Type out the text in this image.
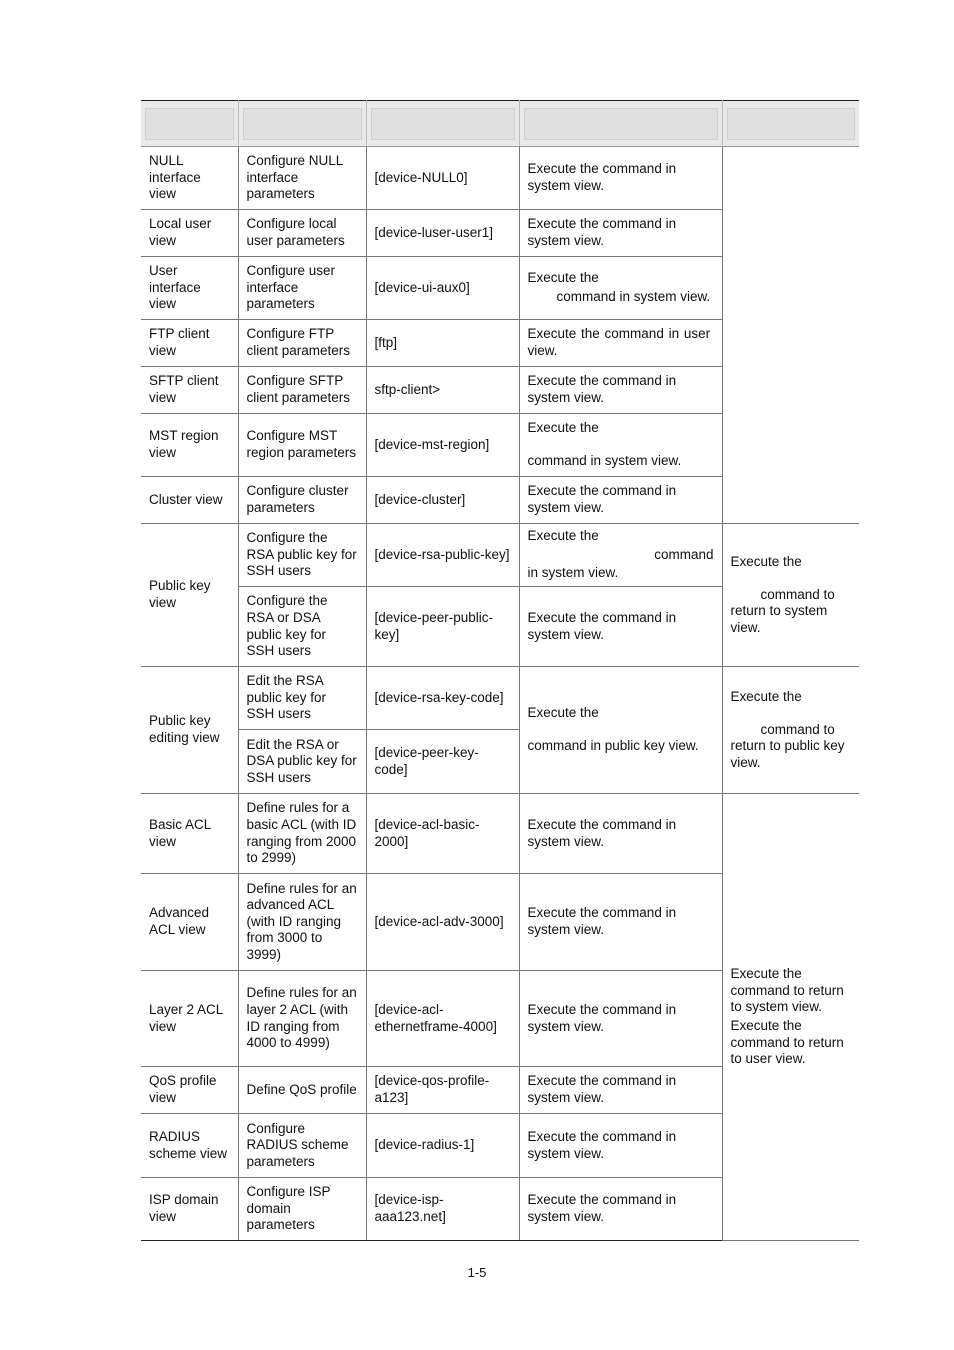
NULL interface view	Configure NULL interface parameters	[device-NULL0]	Execute the command in system view.	
Local user view	Configure local user parameters	[device-luser-user1]	Execute the command in system view.	
User interface view	Configure user interface parameters	[device-ui-aux0]	Execute the
command in system view.	

FTP client view	Configure FTP client parameters	[ftp]	Execute the command in user view.	
SFTP client view	Configure SFTP client parameters	sftp-client>	Execute the command in system view.	
MST region view	Configure MST region parameters	[device-mst-region]	Execute the
command in system view.	

Cluster view	Configure cluster parameters	[device-cluster]	Execute the command in system view.	
Public key view	Configure the RSA public key for SSH users	[device-rsa-public-key]	Execute the
command
in system view.	Execute the
command to return to system view.

	Configure the RSA or DSA public key for SSH users	[device-peer-public-key]	Execute the command in system view.	
Public key editing view	Edit the RSA public key for SSH users	[device-rsa-key-code]	Execute the
command in public key view.	Execute the
command to return to public key view.

	Edit the RSA or DSA public key for SSH users	[device-peer-key-code]		
Basic ACL view	Define rules for a basic ACL (with ID ranging from 2000 to 2999)	[device-acl-basic-2000]	Execute the command in system view.	Execute the command to return to system view.
Execute the command to return to user view.

Advanced ACL view	Define rules for an advanced ACL (with ID ranging from 3000 to 3999)	[device-acl-adv-3000]	Execute the command in system view.	
Layer 2 ACL view	Define rules for an layer 2 ACL (with ID ranging from 4000 to 4999)	[device-acl-ethernetframe-4000]	Execute the command in system view.	
QoS profile view	Define QoS profile	[device-qos-profile-a123]	Execute the command in system view.	
RADIUS scheme view	Configure RADIUS scheme parameters	[device-radius-1]	Execute the command in system view.	
ISP domain view	Configure ISP domain parameters	[device-isp-aaa123.net]	Execute the command in system view.	
1-5
